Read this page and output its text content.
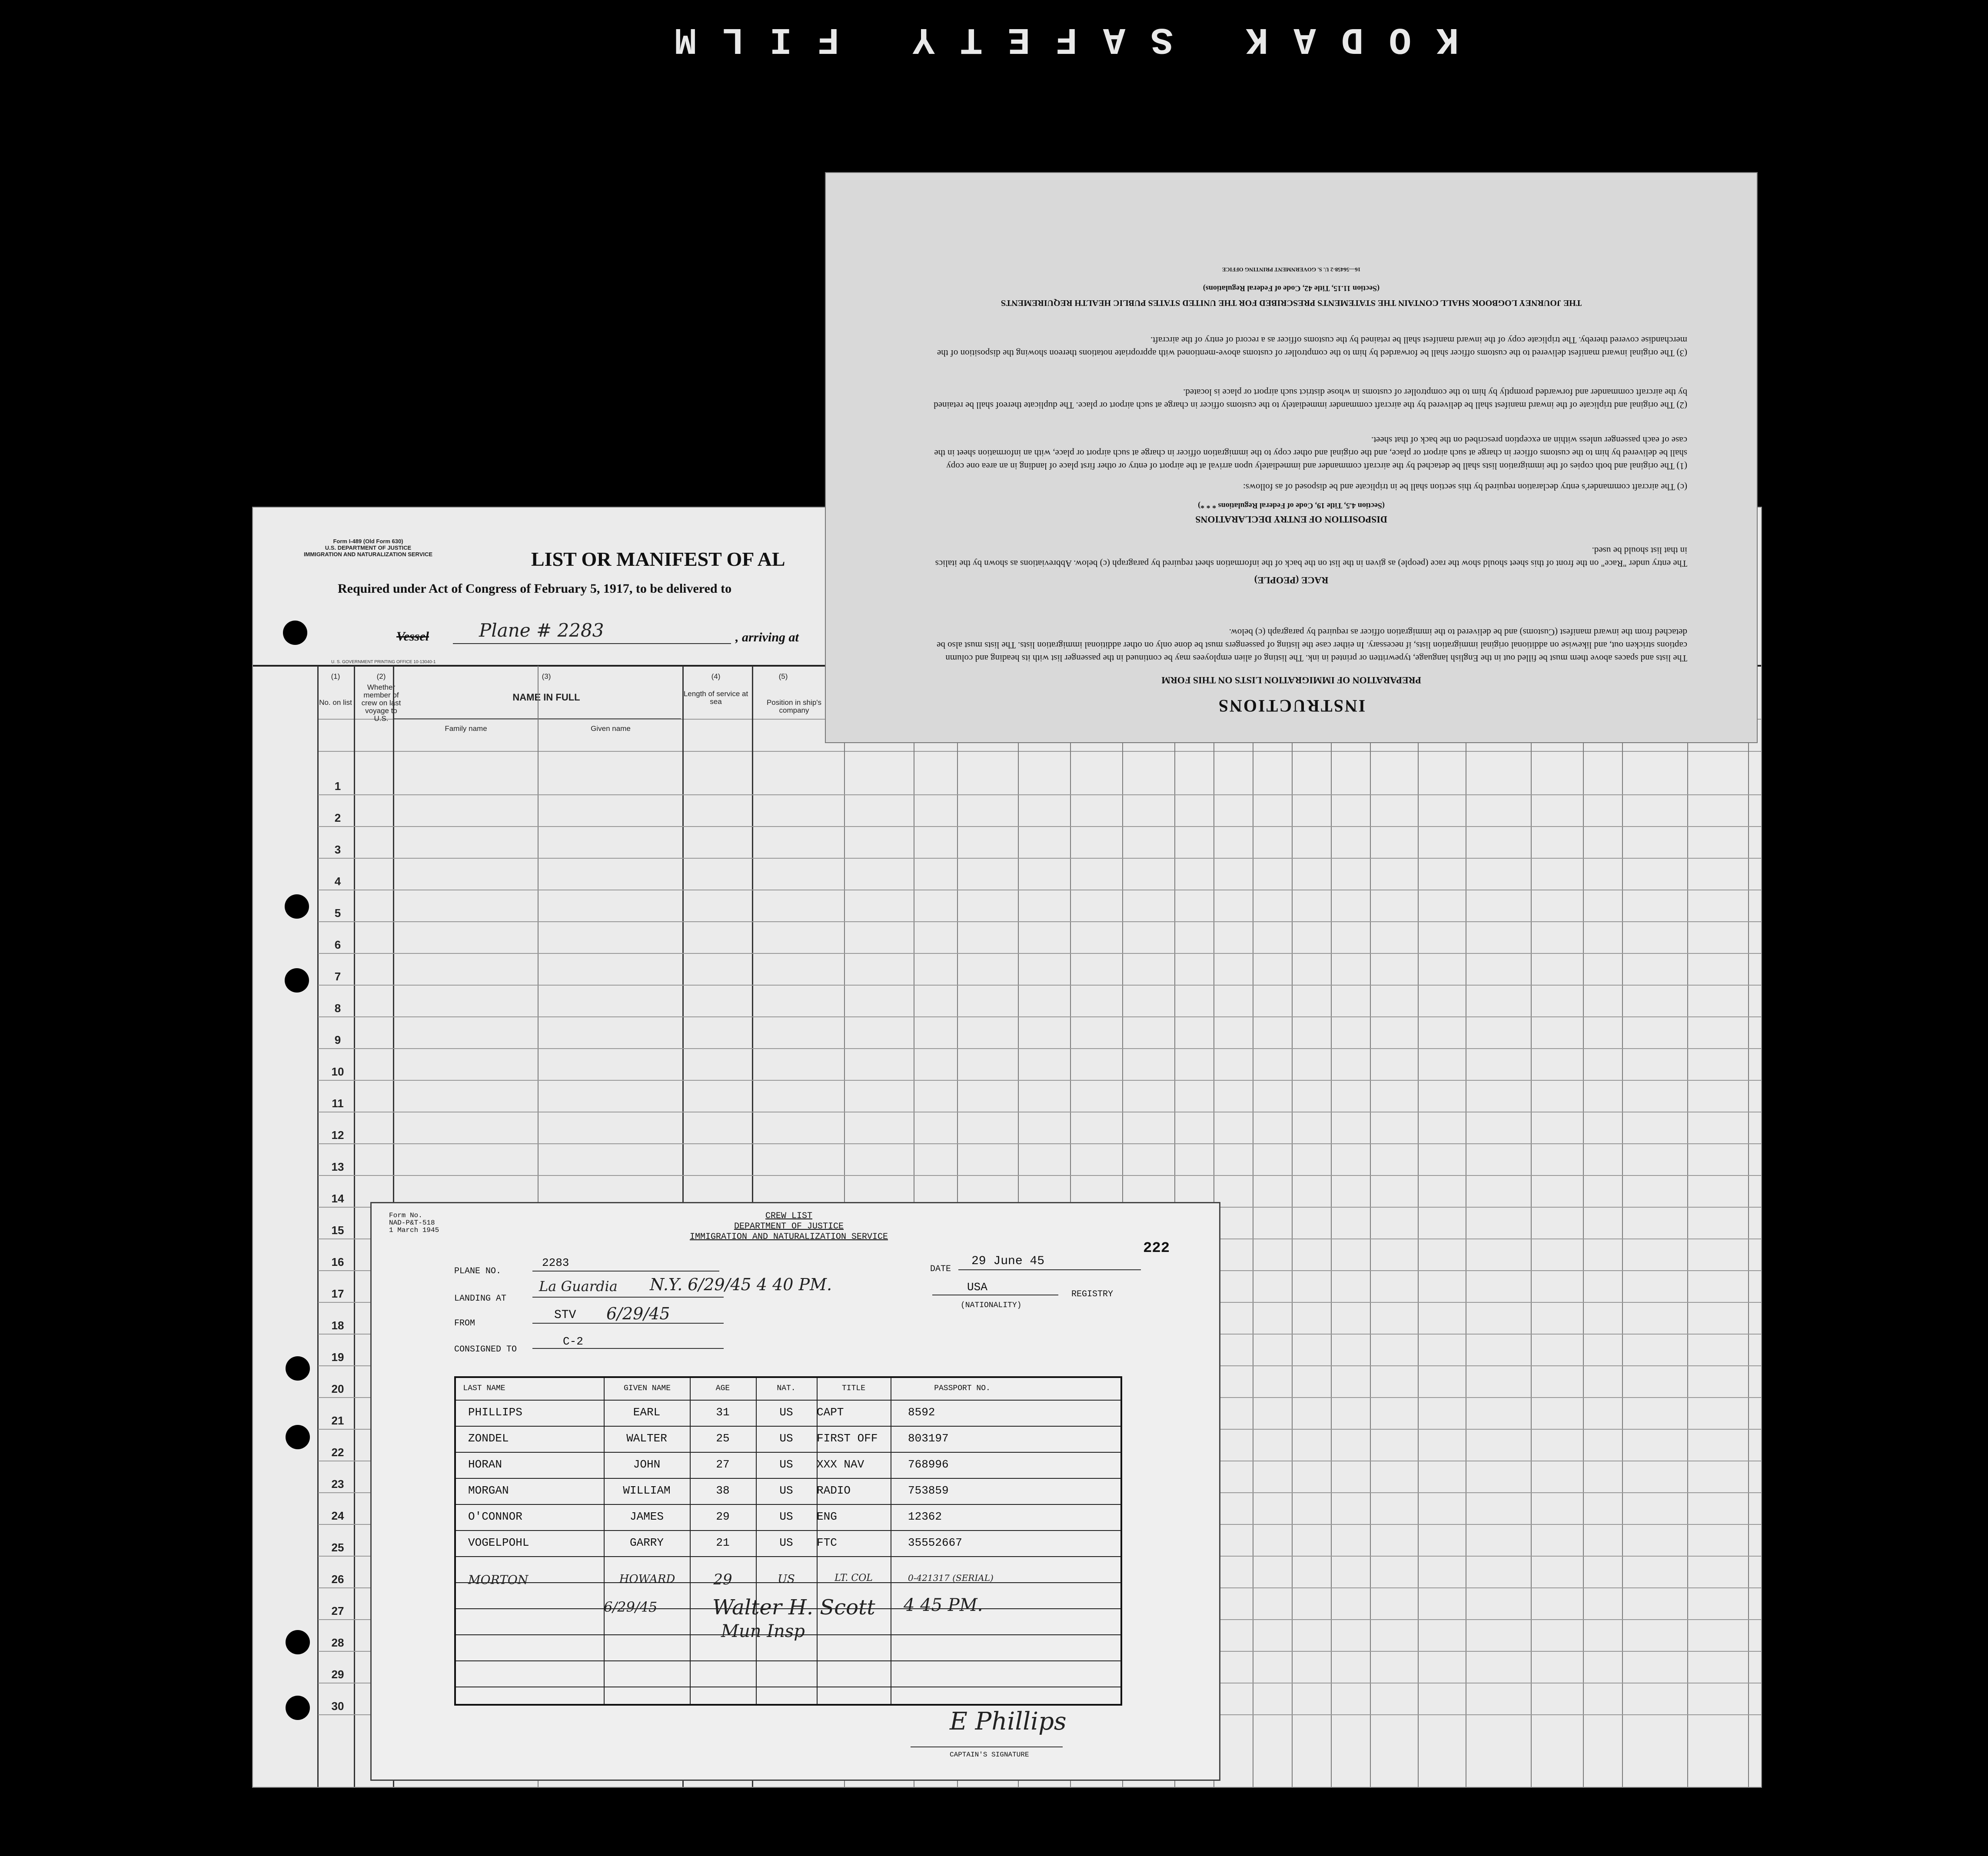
KODAK SAFETY FILM
Form I-489 (Old Form 630)
U.S. DEPARTMENT OF JUSTICE
IMMIGRATION AND NATURALIZATION SERVICE	LIST OR MANIFEST OF AL
Required under Act of Congress of February 5, 1917, to be delivered to
Vessel	Plane # 2283	, arriving at
U. S. GOVERNMENT PRINTING OFFICE 10-13040-1
(1)
No. on list
(2)
Whether member of crew on last voyage to U.S.
(3)
NAME IN FULL
Family name	Given name
(4)
Length of service at sea
(5)
Position in ship's company
1
2
3
4
5
6
7
8
9
10
11
12
13
14
15
16
17
18
19
20
21
22
23
24
25
26
27
28
29
30
INSTRUCTIONS
PREPARATION OF IMMIGRATION LISTS ON THIS FORM
The lists and spaces above them must be filled out in the English language, typewritten or printed in ink. The listing of alien employees may be continued in the passenger list with its heading and column captions stricken out, and likewise on additional original immigration lists, if necessary. In either case the listing of passengers must be done only on other additional immigration lists. The lists must also be detached from the inward manifest (Customs) and be delivered to the immigration officer as required by paragraph (c) below.
RACE (PEOPLE)
The entry under "Race" on the front of this sheet should show the race (people) as given in the list on the back of the information sheet required by paragraph (c) below. Abbreviations as shown by the italics in that list should be used.
DISPOSITION OF ENTRY DECLARATIONS
(Section 4.5, Title 19, Code of Federal Regulations * * *)
(c) The aircraft commander's entry declaration required by this section shall be in triplicate and be disposed of as follows:
(1) The original and both copies of the immigration lists shall be detached by the aircraft commander and immediately upon arrival at the airport of entry or other first place of landing in an area one copy shall be delivered by him to the customs officer in charge at such airport or place, and the original and other copy to the immigration officer in charge at such airport or place, with an information sheet in the case of each passenger unless within an exception prescribed on the back of that sheet.
(2) The original and triplicate of the inward manifest shall be delivered by the aircraft commander immediately to the customs officer in charge at such airport or place. The duplicate thereof shall be retained by the aircraft commander and forwarded promptly by him to the comptroller of customs in whose district such airport or place is located.
(3) The original inward manifest delivered to the customs officer shall be forwarded by him to the comptroller of customs above-mentioned with appropriate notations thereon showing the disposition of the merchandise covered thereby. The triplicate copy of the inward manifest shall be retained by the customs officer as a record of entry of the aircraft.
THE JOURNEY LOGBOOK SHALL CONTAIN THE STATEMENTS PRESCRIBED FOR THE UNITED STATES PUBLIC HEALTH REQUIREMENTS
(Section 11.15, Title 42, Code of Federal Regulations)
16—56458-2 U. S. GOVERNMENT PRINTING OFFICE
Form No.
NAD-P&T-518
1 March 1945
CREW LIST
DEPARTMENT OF JUSTICE
IMMIGRATION AND NATURALIZATION SERVICE
222
PLANE NO.
2283	DATE
29 June 45
LANDING AT
La Guardia N.Y. 6/29/45 4 40 PM.	USA
REGISTRY
(NATIONALITY)
FROM
STV 6/29/45
CONSIGNED TO
C-2
LAST NAME	GIVEN NAME	AGE	NAT.	TITLE	PASSPORT NO.
PHILLIPS	EARL	31	US	CAPT	8592
ZONDEL	WALTER	25	US	FIRST OFF	803197
HORAN	JOHN	27	US	XXX NAV	768996
MORGAN	WILLIAM	38	US	RADIO	753859
O'CONNOR	JAMES	29	US	ENG	12362
VOGELPOHL	GARRY	21	US	FTC	35552667
MORTON	HOWARD	29	US	LT. COL	0-421317 (SERIAL)
6/29/45	Walter H. Scott 4 45 PM.
Mun Insp
E Phillips
CAPTAIN'S SIGNATURE
